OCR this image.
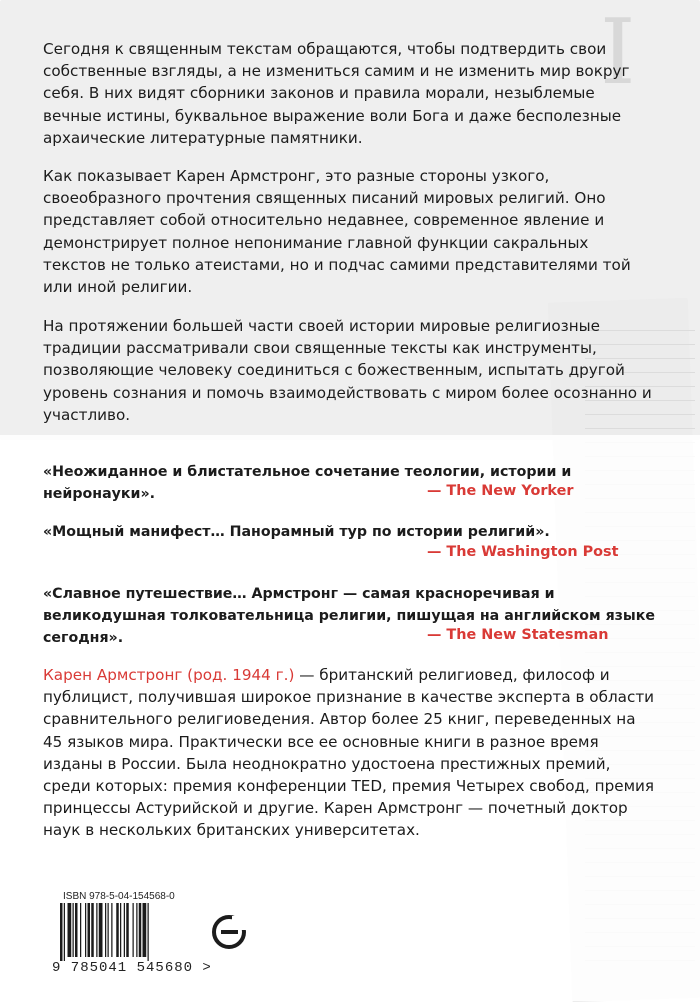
I

Сегодня к священным текстам обращаются, чтобы подтвердить свои собственные взгляды, а не измениться самим и не изменить мир вокруг себя. В них видят сборники законов и правила морали, незыблемые вечные истины, буквальное выражение воли Бога и даже бесполезные архаические литературные памятники.

Как показывает Карен Армстронг, это разные стороны узкого, своеобразного прочтения священных писаний мировых религий. Оно представляет собой относительно недавнее, современное явление и демонстрирует полное непонимание главной функции сакральных текстов не только атеистами, но и подчас самими представителями той или иной религии.

На протяжении большей части своей истории мировые религиозные традиции рассматривали свои священные тексты как инструменты, позволяющие человеку соединиться с божественным, испытать другой уровень сознания и помочь взаимодействовать с миром более осознанно и участливо.

«Неожиданное и блистательное сочетание теологии, истории и нейронауки».	— The New Yorker
«Мощный манифест… Панорамный тур по истории религий».
— The Washington Post
«Славное путешествие… Армстронг — самая красноречивая и великодушная толковательница религии, пишущая на английском языке сегодня».	— The New Statesman
Карен Армстронг (род. 1944 г.) — британский религиовед, философ и публицист, получившая широкое признание в качестве эксперта в области сравнительного религиоведения. Автор более 25 книг, переведенных на 45 языков мира. Практически все ее основные книги в разное время изданы в России. Была неоднократно удостоена престижных премий, среди которых: премия конференции TED, премия Четырех свобод, премия принцессы Астурийской и другие. Карен Армстронг — почетный доктор наук в нескольких британских университетах.
ISBN 978-5-04-154568-0
9 785041 545680 >
